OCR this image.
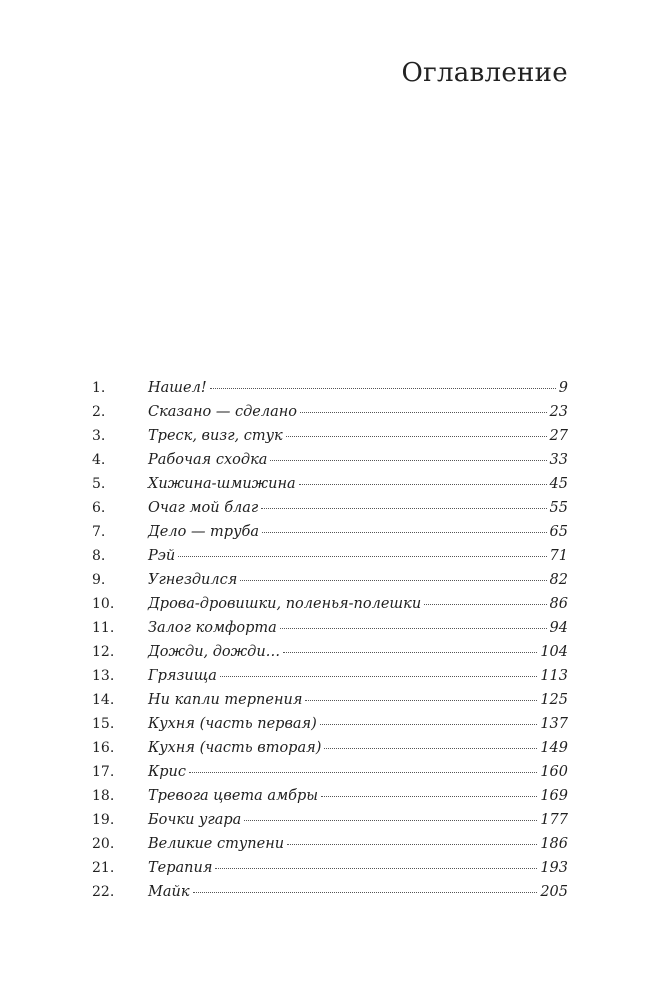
Оглавление
1.	Нашел!	9
2.	Сказано — сделано	23
3.	Треск, визг, стук	27
4.	Рабочая сходка	33
5.	Хижина-шмижина	45
6.	Очаг мой благ	55
7.	Дело — труба	65
8.	Рэй	71
9.	Угнездился	82
10.	Дрова-дровишки, поленья-полешки	86
11.	Залог комфорта	94
12.	Дожди, дожди…	104
13.	Грязища	113
14.	Ни капли терпения	125
15.	Кухня (часть первая)	137
16.	Кухня (часть вторая)	149
17.	Крис	160
18.	Тревога цвета амбры	169
19.	Бочки угара	177
20.	Великие ступени	186
21.	Терапия	193
22.	Майк	205
